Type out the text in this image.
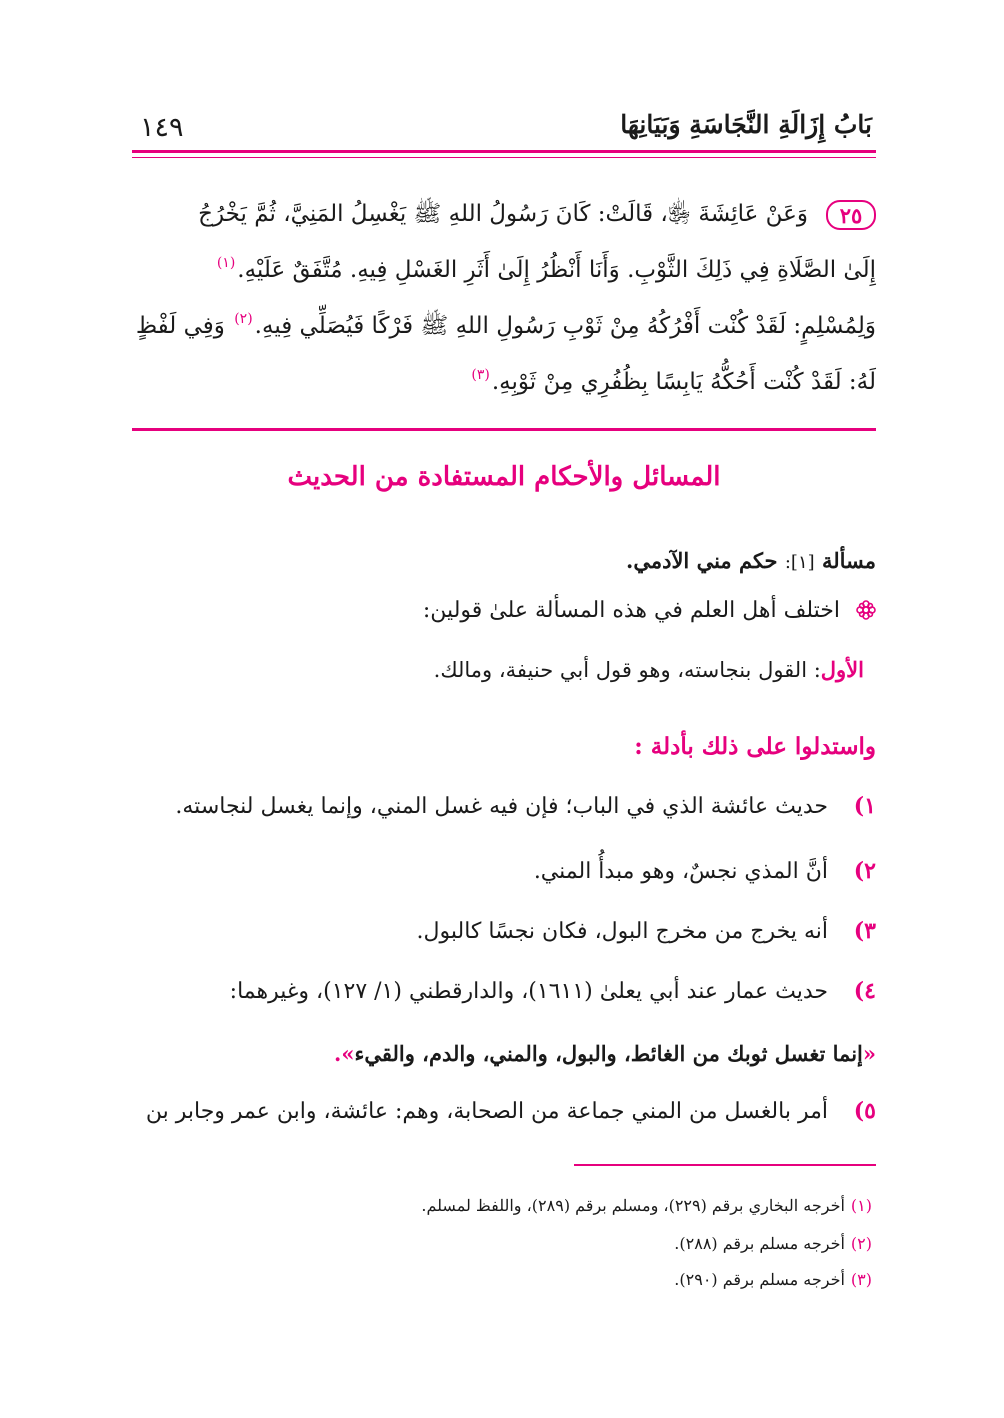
١٤٩	بَابُ إِزَالَةِ النَّجَاسَةِ وَبَيَانِهَا
٢٥وَعَنْ عَائِشَةَ ﵂، قَالَتْ: كَانَ رَسُولُ اللهِ ﷺ يَغْسِلُ المَنِيَّ، ثُمَّ يَخْرُجُ
إِلَىٰ الصَّلَاةِ فِي ذَلِكَ الثَّوْبِ. وَأَنَا أَنْظُرُ إِلَىٰ أَثَرِ الغَسْلِ فِيهِ. مُتَّفَقٌ عَلَيْهِ.$^{(١)}$
وَلِمُسْلِمٍ: لَقَدْ كُنْت أَفْرُكُهُ مِنْ ثَوْبِ رَسُولِ اللهِ ﷺ فَرْكًا فَيُصَلِّي فِيهِ.$^{(٢)}$ وَفِي لَفْظٍ
لَهُ: لَقَدْ كُنْت أَحُكُّهُ يَابِسًا بِظُفُرِي مِنْ ثَوْبِهِ.$^{(٣)}$
المسائل والأحكام المستفادة من الحديث
مسألة [١]: حكم مني الآدمي.
اختلف أهل العلم في هذه المسألة علىٰ قولين:
الأول: القول بنجاسته، وهو قول أبي حنيفة، ومالك.
واستدلوا على ذلك بأدلة :
١)حديث عائشة الذي في الباب؛ فإن فيه غسل المني، وإنما يغسل لنجاسته.
٢)أنَّ المذي نجسٌ، وهو مبدأُ المني.
٣)أنه يخرج من مخرج البول، فكان نجسًا كالبول.
٤)حديث عمار عند أبي يعلىٰ (١٦١١)، والدارقطني (١/ ١٢٧)، وغيرهما:
«إنما تغسل ثوبك من الغائط، والبول، والمني، والدم، والقيء».
٥)أمر بالغسل من المني جماعة من الصحابة، وهم: عائشة، وابن عمر وجابر بن
(١)أخرجه البخاري برقم (٢٢٩)، ومسلم برقم (٢٨٩)، واللفظ لمسلم.
(٢)أخرجه مسلم برقم (٢٨٨).
(٣)أخرجه مسلم برقم (٢٩٠).
